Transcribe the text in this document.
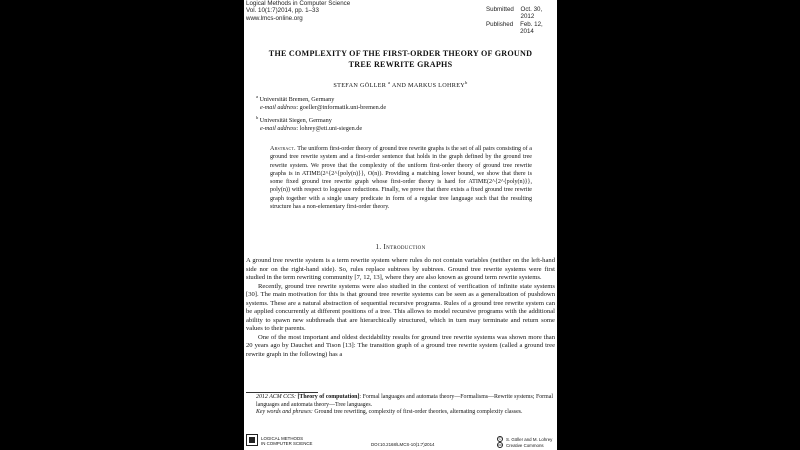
Logical Methods in Computer Science
Vol. 10(1:7)2014, pp. 1–33
www.lmcs-online.org
Submitted Oct. 30, 2012
Published Feb. 12, 2014
THE COMPLEXITY OF THE FIRST-ORDER THEORY OF GROUND
TREE REWRITE GRAPHS
STEFAN GÖLLER $^a$ AND MARKUS LOHREY$^b$
$^a$ Universität Bremen, Germany
e-mail address: goeller@informatik.uni-bremen.de
$^b$ Universität Siegen, Germany
e-mail address: lohrey@eti.uni-siegen.de
Abstract. The uniform first-order theory of ground tree rewrite graphs is the set of all pairs consisting of a ground tree rewrite system and a first-order sentence that holds in the graph defined by the ground tree rewrite system. We prove that the complexity of the uniform first-order theory of ground tree rewrite graphs is in ATIME(2^{2^{poly(n)}}, O(n)). Providing a matching lower bound, we show that there is some fixed ground tree rewrite graph whose first-order theory is hard for ATIME(2^{2^{poly(n)}}, poly(n)) with respect to logspace reductions. Finally, we prove that there exists a fixed ground tree rewrite graph together with a single unary predicate in form of a regular tree language such that the resulting structure has a non-elementary first-order theory.
1. Introduction

A ground tree rewrite system is a term rewrite system where rules do not contain variables (neither on the left-hand side nor on the right-hand side). So, rules replace subtrees by subtrees. Ground tree rewrite systems were first studied in the term rewriting community [7, 12, 13], where they are also known as ground term rewrite systems.

Recently, ground tree rewrite systems were also studied in the context of verification of infinite state systems [30]. The main motivation for this is that ground tree rewrite systems can be seen as a generalization of pushdown systems. These are a natural abstraction of sequential recursive programs. Rules of a ground tree rewrite system can be applied concurrently at different positions of a tree. This allows to model recursive programs with the additional ability to spawn new subthreads that are hierarchically structured, which in turn may terminate and return some values to their parents.

One of the most important and oldest decidability results for ground tree rewrite systems was shown more than 20 years ago by Dauchet and Tison [13]: The transition graph of a ground tree rewrite system (called a ground tree rewrite graph in the following) has a

2012 ACM CCS: [Theory of computation]: Formal languages and automata theory—Formalisms—Rewrite systems; Formal languages and automata theory—Tree languages.
Key words and phrases: Ground tree rewriting, complexity of first-order theories, alternating complexity classes.
LOGICAL METHODS
IN COMPUTER SCIENCE	DOI:10.2168/LMCS-10(1:7)2014
©	S. Göller and M. Lohrey
cc Creative Commons
